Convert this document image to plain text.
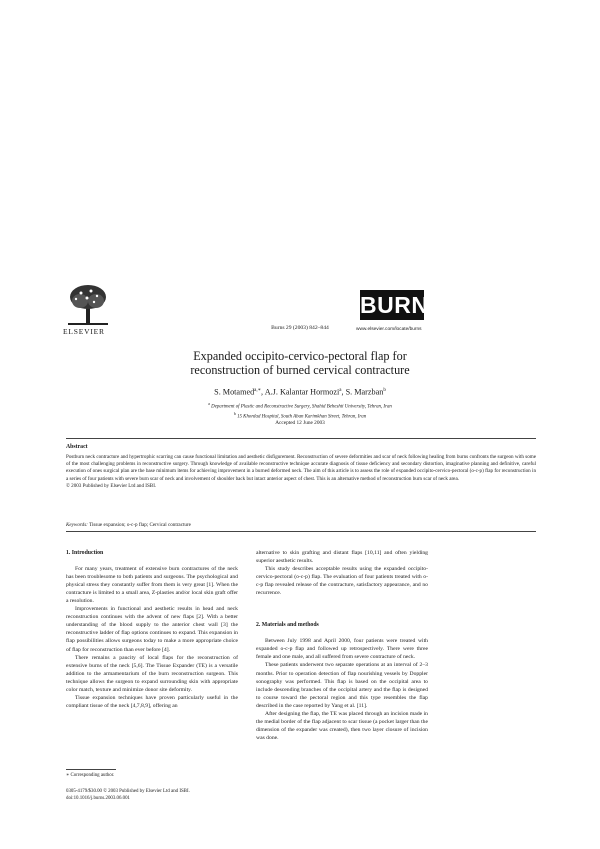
ELSEVIER	Burns 29 (2003) 842–844
BURNS
www.elsevier.com/locate/burns
Expanded occipito-cervico-pectoral flap for
reconstruction of burned cervical contracture
S. Motamed$^{a,∗}$, A.J. Kalantar Hormozi$^a$, S. Marzban$^b$
$^a$ Department of Plastic and Reconstructive Surgery, Shahid Beheshti University, Tehran, Iran
$^b$ 15 Khordad Hospital, South Aban Karimkhan Street, Tehran, Iran
Accepted 12 June 2003
Abstract
Postburn neck contracture and hypertrophic scarring can cause functional limitation and aesthetic disfigurement. Reconstruction of severe deformities and scar of neck following healing from burns confronts the surgeon with some of the most challenging problems in reconstructive surgery. Through knowledge of available reconstructive technique accurate diagnosis of tissue deficiency and secondary distortion, imaginative planning and definitive, careful execution of ones surgical plan are the base minimum items for achieving improvement in a burned deformed neck. The aim of this article is to assess the role of expanded occipito-cervico-pectoral (o-c-p) flap for reconstruction in a series of four patients with severe burn scar of neck and involvement of shoulder back but intact anterior aspect of chest. This is an alternative method of reconstruction burn scar of neck area.
© 2003 Published by Elsevier Ltd and ISBI.
Keywords: Tissue expansion; o-c-p flap; Cervical contracture

1. Introduction

For many years, treatment of extensive burn contractures of the neck has been troublesome to both patients and surgeons. The psychological and physical stress they constantly suffer from them is very great [1]. When the contracture is limited to a small area, Z-plasties and/or local skin graft offer a resolution.

Improvements in functional and aesthetic results in head and neck reconstruction continues with the advent of new flaps [2]. With a better understanding of the blood supply to the anterior chest wall [3] the reconstructive ladder of flap options continues to expand. This expansion in flap possibilities allows surgeons today to make a more appropriate choice of flap for reconstruction than ever before [4].

There remains a paucity of local flaps for the reconstruction of extensive burns of the neck [5,6]. The Tissue Expander (TE) is a versatile addition to the armamentarium of the burn reconstruction surgeon. This technique allows the surgeon to expand surrounding skin with appropriate color match, texture and minimize donor site deformity.

Tissue expansion techniques have proven particularly useful in the compliant tissue of the neck [4,7,8,9], offering an

alternative to skin grafting and distant flaps [10,11] and often yielding superior aesthetic results.

This study describes acceptable results using the expanded occipito-cervico-pectoral (o-c-p) flap. The evaluation of four patients treated with o-c-p flap revealed release of the contracture, satisfactory appearance, and no recurrence.

2. Materials and methods

Between July 1998 and April 2000, four patients were treated with expanded o-c-p flap and followed up retrospectively. There were three female and one male, and all suffered from severe contracture of neck.

These patients underwent two separate operations at an interval of 2–3 months. Prior to operation detection of flap nourishing vessels by Doppler sonography was performed. This flap is based on the occipital area to include descending branches of the occipital artery and the flap is designed to course toward the pectoral region and this type resembles the flap described in the case reported by Yang et al. [11].

After designing the flap, the TE was placed through an incision made in the medial border of the flap adjacent to scar tissue (a pocket larger than the dimension of the expander was created), then two layer closure of incision was done.

∗ Corresponding author.
0305-4179/$30.00 © 2003 Published by Elsevier Ltd and ISBI.
doi:10.1016/j.burns.2003.06.001
